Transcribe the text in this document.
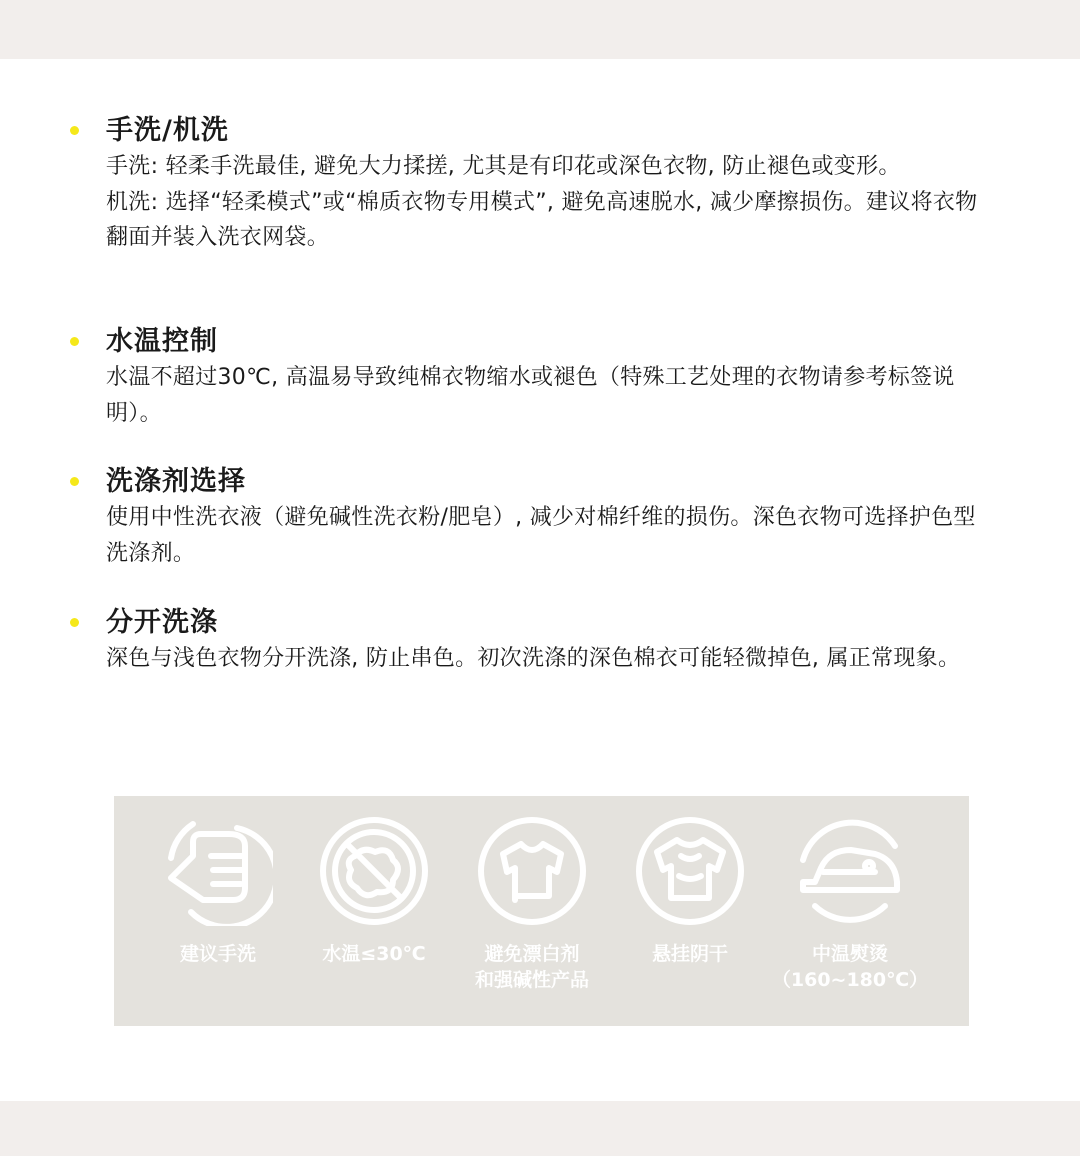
手洗/机洗

手洗: 轻柔手洗最佳, 避免大力揉搓, 尤其是有印花或深色衣物, 防止褪色或变形。

机洗: 选择“轻柔模式”或“棉质衣物专用模式”, 避免高速脱水, 减少摩擦损伤。建议将衣物翻面并装入洗衣网袋。

水温控制

水温不超过30℃, 高温易导致纯棉衣物缩水或褪色（特殊工艺处理的衣物请参考标签说明）。

洗涤剂选择

使用中性洗衣液（避免碱性洗衣粉/肥皂）, 减少对棉纤维的损伤。深色衣物可选择护色型洗涤剂。

分开洗涤

深色与浅色衣物分开洗涤, 防止串色。初次洗涤的深色棉衣可能轻微掉色, 属正常现象。

建议手洗	水温≤30℃	避免漂白剂
和强碱性产品
悬挂阴干	中温熨烫
（160~180℃）
